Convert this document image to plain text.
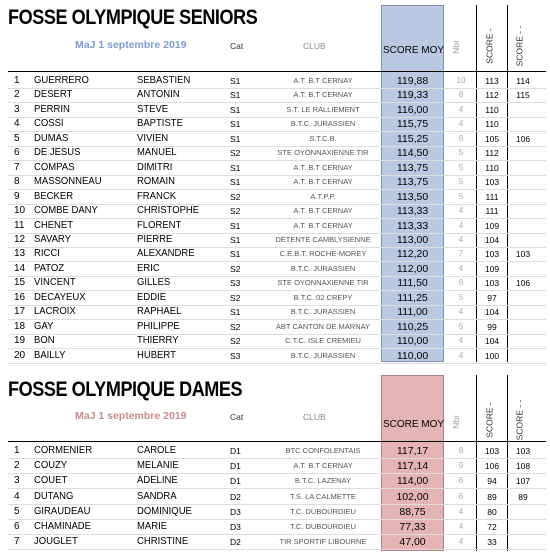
SCORE MOY
FOSSE OLYMPIQUE SENIORS
MaJ 1 septembre 2019	Cat	CLUB	Nbr	SCORE - SCORE - -
1	GUERRERO	SEBASTIEN	S1	A.T. B.T CERNAY	119,88	10	113	114
2	DESERT	ANTONIN	S1	A.T. B.T CERNAY	119,33	8	112	115
3	PERRIN	STEVE	S1	S.T. LE RALLIEMENT	116,00	4	110
4	COSSI	BAPTISTE	S1	B.T.C. JURASSIEN	115,75	4	110
5	DUMAS	VIVIEN	S1	S.T.C.B.	115,25	6	105	106
6	DE JESUS	MANUEL	S2	STE OYONNAXIENNE TIR	114,50	5	112
7	COMPAS	DIMITRI	S1	A.T. B.T CERNAY	113,75	5	110
8	MASSONNEAU	ROMAIN	S1	A.T. B.T CERNAY	113,75	5	103
9	BECKER	FRANCK	S2	A.T.P.P.	113,50	5	111
10 COMBE DANY	CHRISTOPHE	S2	A.T. B.T CERNAY	113,33	4	111
11 CHENET	FLORENT	S1	A.T. B.T CERNAY	113,33	4	109
12 SAVARY	PIERRE	S1	DETENTE CAMBLYSIENNE	113,00	4	104
13 RICCI	ALEXANDRE	S1	C.E.B.T. ROCHE-MOREY	112,20	7	103	103
14 PATOZ	ERIC	S2	B.T.C. JURASSIEN	112,00	4	109
15 VINCENT	GILLES	S3	STE OYONNAXIENNE TIR	111,50	6	103	106
16 DECAYEUX	EDDIE	S2	B.T.C. 02 CREPY	111,25	5	97
17 LACROIX	RAPHAEL	S1	B.T.C. JURASSIEN	111,00	4	104
18 GAY	PHILIPPE	S2	ABT CANTON DE MARNAY	110,25	5	99
19 BON	THIERRY	S2	C.T.C. ISLE CREMIEU	110,00	4	104
20 BAILLY	HUBERT	S3	B.T.C. JURASSIEN	110,00	4	100
SCORE MOY
FOSSE OLYMPIQUE DAMES
MaJ 1 septembre 2019	Cat	CLUB	Nbr	SCORE - SCORE - -
1	CORMENIER	CAROLE	D1	BTC CONFOLENTAIS	117,17	8	103	103
2	COUZY	MELANIE	D1	A.T. B.T CERNAY	117,14	9	106	108
3	COUET	ADELINE	D1	B.T.C. LAZENAY	114,00	6	94	107
4	DUTANG	SANDRA	D2	T.S. LA CALMETTE	102,00	6	89	89
5	GIRAUDEAU	DOMINIQUE	D3	T.C. DUBOURDIEU	88,75	4	80
6	CHAMINADE	MARIE	D3	T.C. DUBOURDIEU	77,33	4	72
7	JOUGLET	CHRISTINE	D2	TIR SPORTIF LIBOURNE	47,00	4	33
